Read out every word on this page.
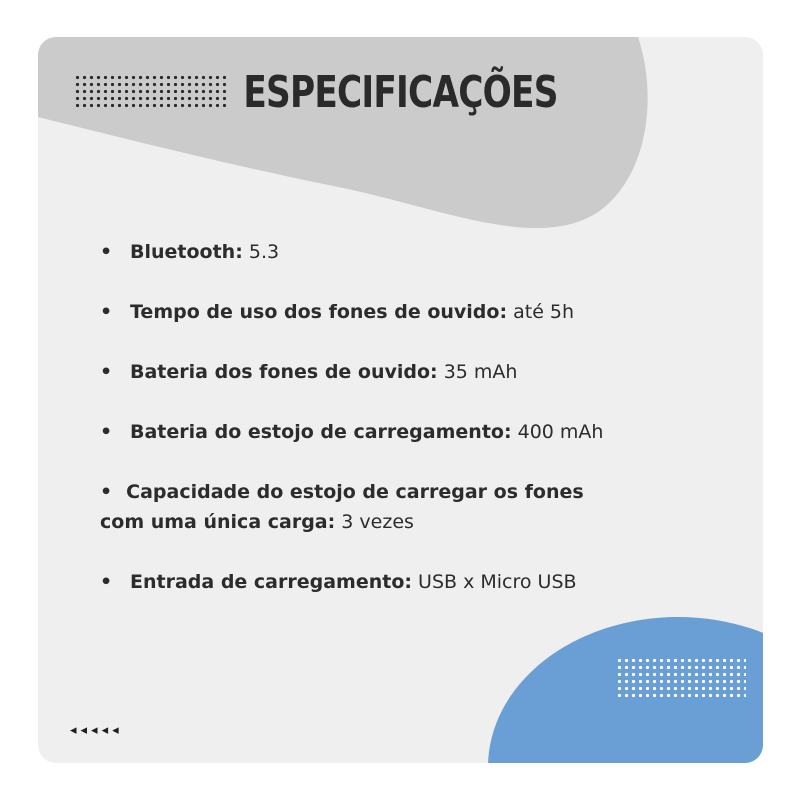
ESPECIFICAÇÕES
• Bluetooth: 5.3
• Tempo de uso dos fones de ouvido: até 5h
• Bateria dos fones de ouvido: 35 mAh
• Bateria do estojo de carregamento: 400 mAh
• Capacidade do estojo de carregar os fones
com uma única carga: 3 vezes
• Entrada de carregamento: USB x Micro USB
◂◂◂◂◂
